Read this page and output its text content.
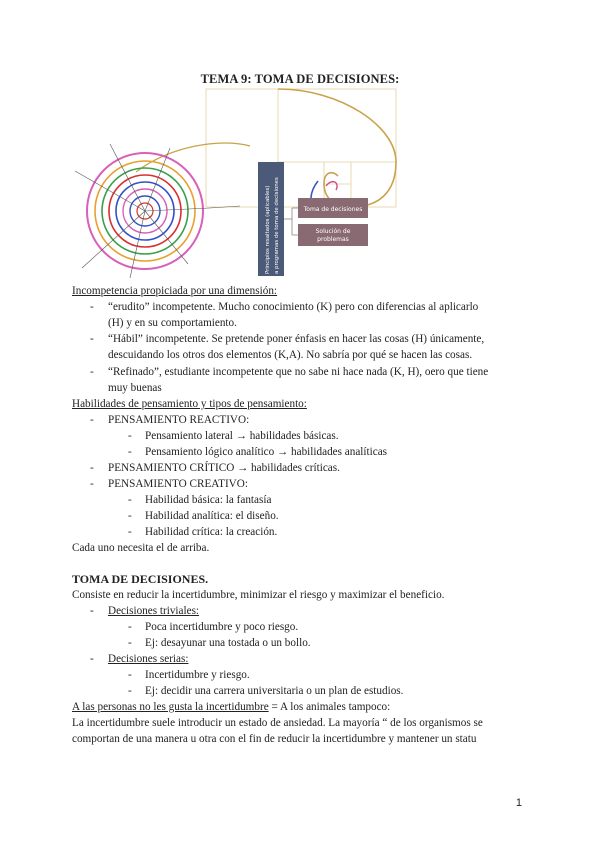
TEMA 9: TOMA DE DECISIONES:
Principios resaltados (aplicables) a programas de toma de decisiones	Toma de decisiones
Solución de
problemas
Incompetencia propiciada por una dimensión:
- “erudito” incompetente. Mucho conocimiento (K) pero con diferencias al aplicarlo
(H) y en su comportamiento.
- “Hábil” incompetente. Se pretende poner énfasis en hacer las cosas (H) únicamente,
descuidando los otros dos elementos (K,A). No sabría por qué se hacen las cosas.
- “Refinado”, estudiante incompetente que no sabe ni hace nada (K, H), oero que tiene
muy buenas
Habilidades de pensamiento y tipos de pensamiento:
- PENSAMIENTO REACTIVO:
- Pensamiento lateral → habilidades básicas.
- Pensamiento lógico analítico → habilidades analíticas
- PENSAMIENTO CRÍTICO → habilidades críticas.
- PENSAMIENTO CREATIVO:
- Habilidad básica: la fantasía
- Habilidad analítica: el diseño.
- Habilidad crítica: la creación.
Cada uno necesita el de arriba.
TOMA DE DECISIONES.
Consiste en reducir la incertidumbre, minimizar el riesgo y maximizar el beneficio.
- Decisiones triviales:
- Poca incertidumbre y poco riesgo.
- Ej: desayunar una tostada o un bollo.
- Decisiones serias:
- Incertidumbre y riesgo.
- Ej: decidir una carrera universitaria o un plan de estudios.
A las personas no les gusta la incertidumbre = A los animales tampoco:
La incertidumbre suele introducir un estado de ansiedad. La mayoría “ de los organismos se
comportan de una manera u otra con el fin de reducir la incertidumbre y mantener un statu
1
